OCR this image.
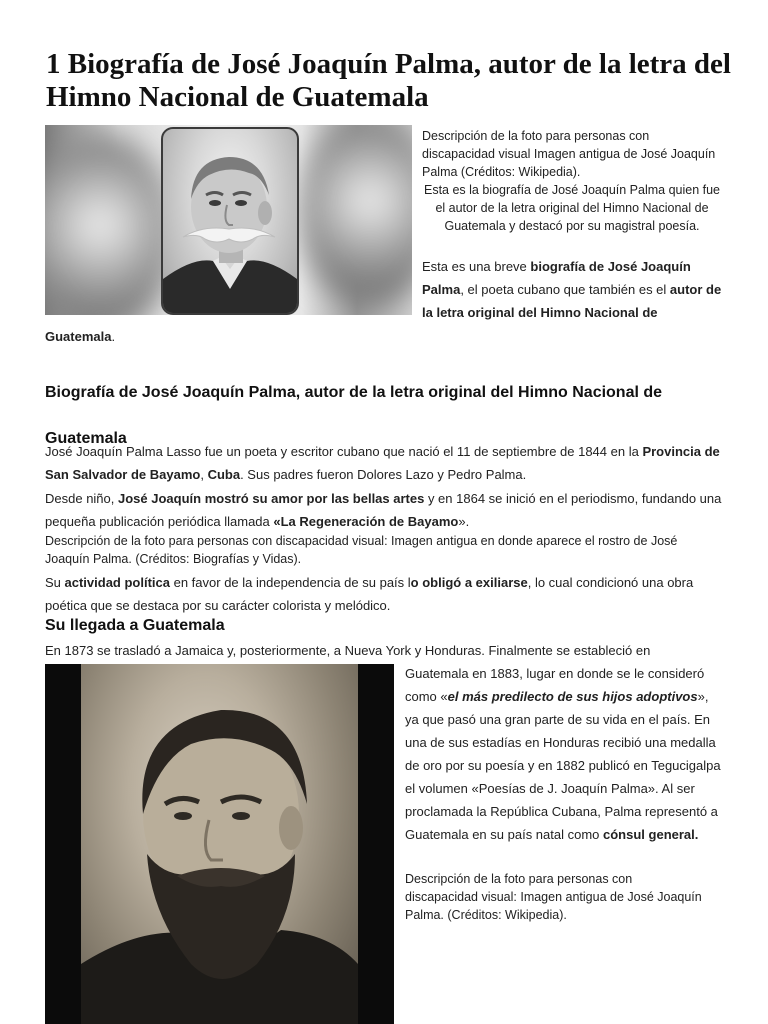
1 Biografía de José Joaquín Palma, autor de la letra del Himno Nacional de Guatemala

Descripción de la foto para personas con discapacidad visual Imagen antigua de José Joaquín Palma (Créditos: Wikipedia).

Esta es la biografía de José Joaquín Palma quien fue el autor de la letra original del Himno Nacional de Guatemala y destacó por su magistral poesía.

Esta es una breve biografía de José Joaquín Palma, el poeta cubano que también es el autor de la letra original del Himno Nacional de

Guatemala.

Biografía de José Joaquín Palma, autor de la letra original del Himno Nacional de Guatemala

José Joaquín Palma Lasso fue un poeta y escritor cubano que nació el 11 de septiembre de 1844 en la Provincia de San Salvador de Bayamo, Cuba. Sus padres fueron Dolores Lazo y Pedro Palma.

Desde niño, José Joaquín mostró su amor por las bellas artes y en 1864 se inició en el periodismo, fundando una pequeña publicación periódica llamada «La Regeneración de Bayamo».

Descripción de la foto para personas con discapacidad visual: Imagen antigua en donde aparece el rostro de José Joaquín Palma. (Créditos: Biografías y Vidas).

Su actividad política en favor de la independencia de su país lo obligó a exiliarse, lo cual condicionó una obra poética que se destaca por su carácter colorista y melódico.

Su llegada a Guatemala

En 1873 se trasladó a Jamaica y, posteriormente, a Nueva York y Honduras. Finalmente se estableció en

Guatemala en 1883, lugar en donde se le consideró como «el más predilecto de sus hijos adoptivos», ya que pasó una gran parte de su vida en el país. En una de sus estadías en Honduras recibió una medalla de oro por su poesía y en 1882 publicó en Tegucigalpa el volumen «Poesías de J. Joaquín Palma». Al ser proclamada la República Cubana, Palma representó a Guatemala en su país natal como cónsul general.

Descripción de la foto para personas con discapacidad visual: Imagen antigua de José Joaquín Palma. (Créditos: Wikipedia).
